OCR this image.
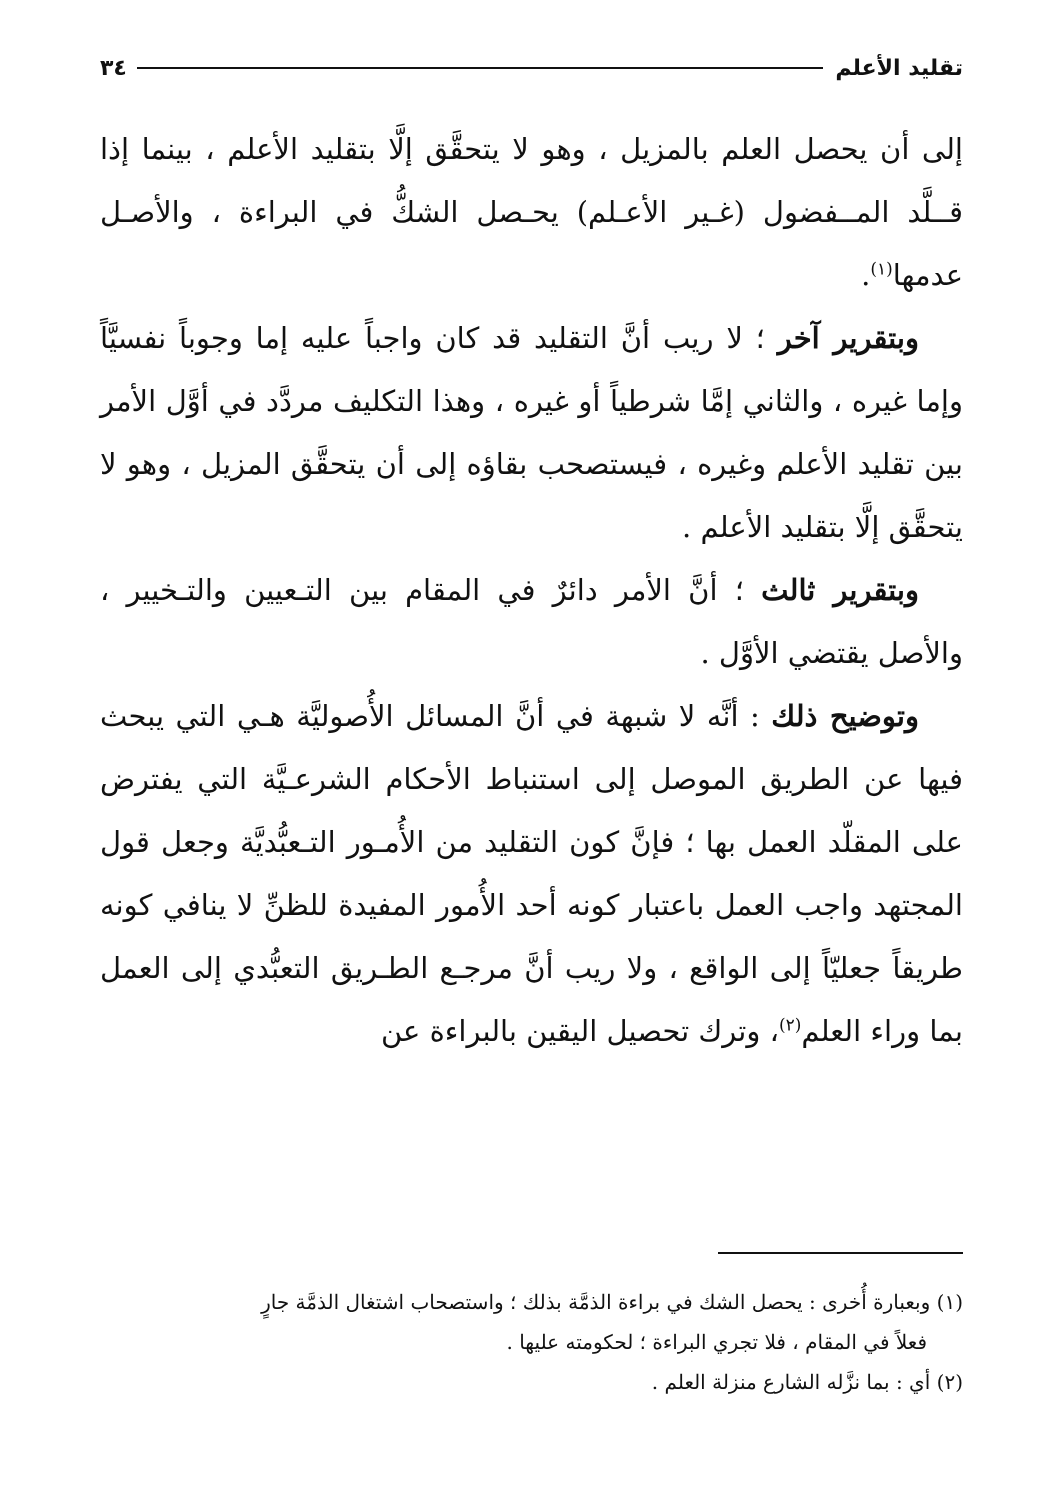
تقليد الأعلم
٣٤

إلى أن يحصل العلم بالمزيل ، وهو لا يتحقَّق إلَّا بتقليد الأعلم ، بينما إذا قــلَّد المــفضول (غـير الأعـلم) يحـصل الشكُّ في البراءة ، والأصـل عدمها$^{(١)}$.

وبتقرير آخر ؛ لا ريب أنَّ التقليد قد كان واجباً عليه إما وجوباً نفسيَّاً وإما غيره ، والثاني إمَّا شرطياً أو غيره ، وهذا التكليف مردَّد في أوَّل الأمر بين تقليد الأعلم وغيره ، فيستصحب بقاؤه إلى أن يتحقَّق المزيل ، وهو لا يتحقَّق إلَّا بتقليد الأعلم .

وبتقرير ثالث ؛ أنَّ الأمر دائرٌ في المقام بين التـعيين والتـخيير ، والأصل يقتضي الأوَّل .

وتوضيح ذلك : أنَّه لا شبهة في أنَّ المسائل الأُصوليَّة هـي التي يبحث فيها عن الطريق الموصل إلى استنباط الأحكام الشرعـيَّة التي يفترض على المقلّد العمل بها ؛ فإنَّ كون التقليد من الأُمـور التـعبُّديَّة وجعل قول المجتهد واجب العمل باعتبار كونه أحد الأُمور المفيدة للظنِّ لا ينافي كونه طريقاً جعليّاً إلى الواقع ، ولا ريب أنَّ مرجـع الطـريق التعبُّدي إلى العمل بما وراء العلم$^{(٢)}$، وترك تحصيل اليقين بالبراءة عن

(١) وبعبارة أُخرى : يحصل الشك في براءة الذمَّة بذلك ؛ واستصحاب اشتغال الذمَّة جارٍ
فعلاً في المقام ، فلا تجري البراءة ؛ لحكومته عليها .

(٢) أي : بما نزَّله الشارع منزلة العلم .
